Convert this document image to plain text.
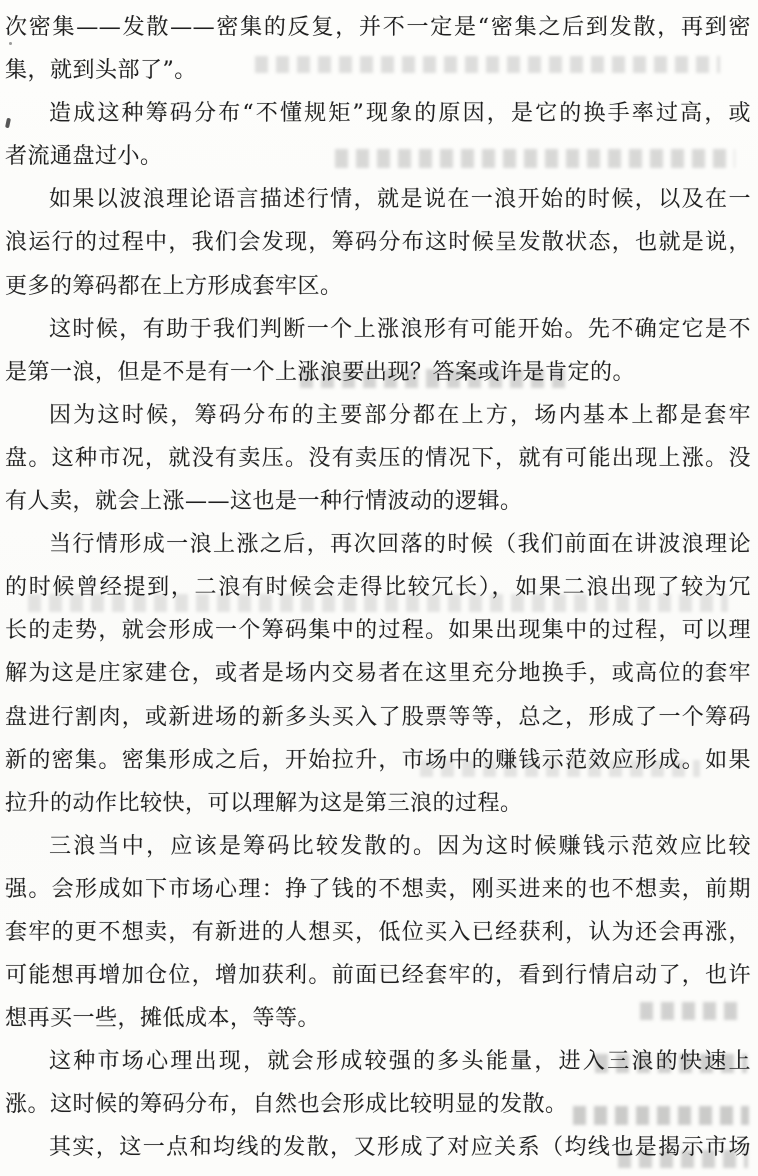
次密集——发散——密集的反复，并不一定是“密集之后到发散，再到密
集，就到头部了”。
造成这种筹码分布“不懂规矩”现象的原因，是它的换手率过高，或
者流通盘过小。
如果以波浪理论语言描述行情，就是说在一浪开始的时候，以及在一
浪运行的过程中，我们会发现，筹码分布这时候呈发散状态，也就是说，
更多的筹码都在上方形成套牢区。
这时候，有助于我们判断一个上涨浪形有可能开始。先不确定它是不
是第一浪，但是不是有一个上涨浪要出现？答案或许是肯定的。
因为这时候，筹码分布的主要部分都在上方，场内基本上都是套牢
盘。这种市况，就没有卖压。没有卖压的情况下，就有可能出现上涨。没
有人卖，就会上涨——这也是一种行情波动的逻辑。
当行情形成一浪上涨之后，再次回落的时候（我们前面在讲波浪理论
的时候曾经提到，二浪有时候会走得比较冗长），如果二浪出现了较为冗
长的走势，就会形成一个筹码集中的过程。如果出现集中的过程，可以理
解为这是庄家建仓，或者是场内交易者在这里充分地换手，或高位的套牢
盘进行割肉，或新进场的新多头买入了股票等等，总之，形成了一个筹码
新的密集。密集形成之后，开始拉升，市场中的赚钱示范效应形成。如果
拉升的动作比较快，可以理解为这是第三浪的过程。
三浪当中，应该是筹码比较发散的。因为这时候赚钱示范效应比较
强。会形成如下市场心理：挣了钱的不想卖，刚买进来的也不想卖，前期
套牢的更不想卖，有新进的人想买，低位买入已经获利，认为还会再涨，
可能想再增加仓位，增加获利。前面已经套牢的，看到行情启动了，也许
想再买一些，摊低成本，等等。
这种市场心理出现，就会形成较强的多头能量，进入三浪的快速上
涨。这时候的筹码分布，自然也会形成比较明显的发散。
其实，这一点和均线的发散，又形成了对应关系（均线也是揭示市场
